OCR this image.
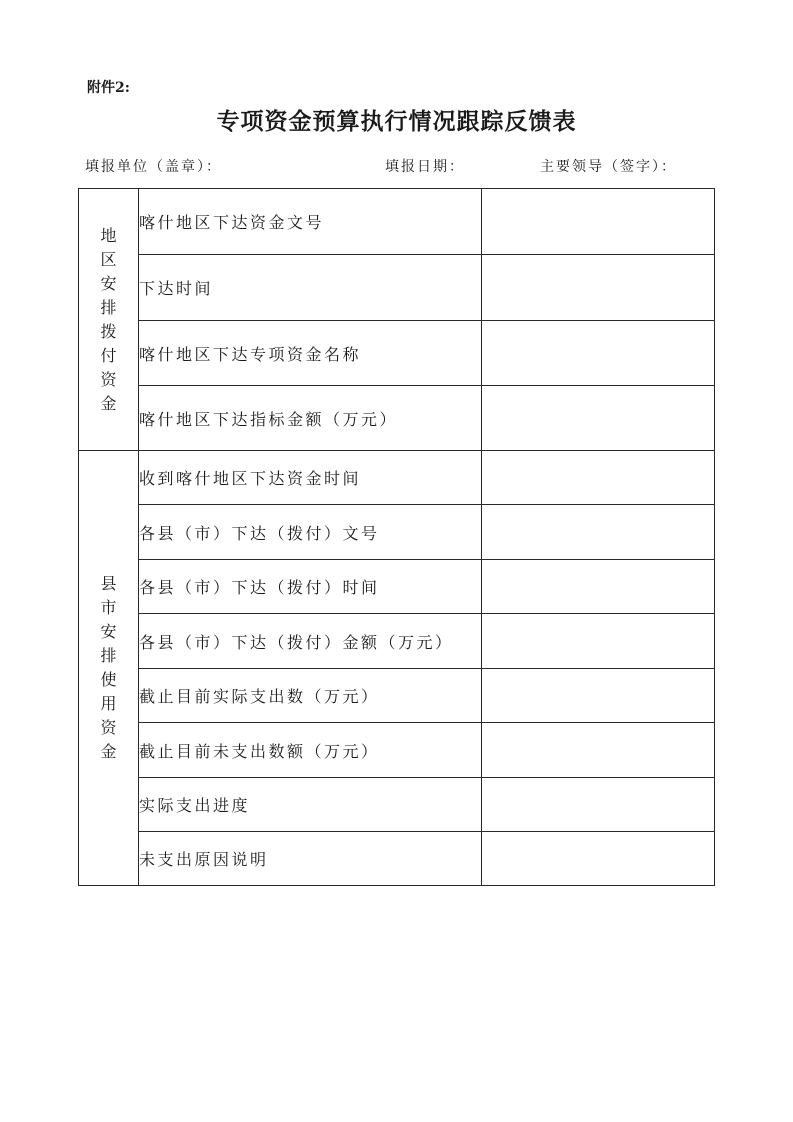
附件2:
专项资金预算执行情况跟踪反馈表
填报单位（盖章）：	填报日期：	主要领导（签字）：
地区安排拨付资金	喀什地区下达资金文号	
	下达时间	
	喀什地区下达专项资金名称	
	喀什地区下达指标金额（万元）	
县市安排使用资金	收到喀什地区下达资金时间	
	各县（市）下达（拨付）文号	
	各县（市）下达（拨付）时间	
	各县（市）下达（拨付）金额（万元）	
	截止目前实际支出数（万元）	
	截止目前未支出数额（万元）	
	实际支出进度	
	未支出原因说明	
